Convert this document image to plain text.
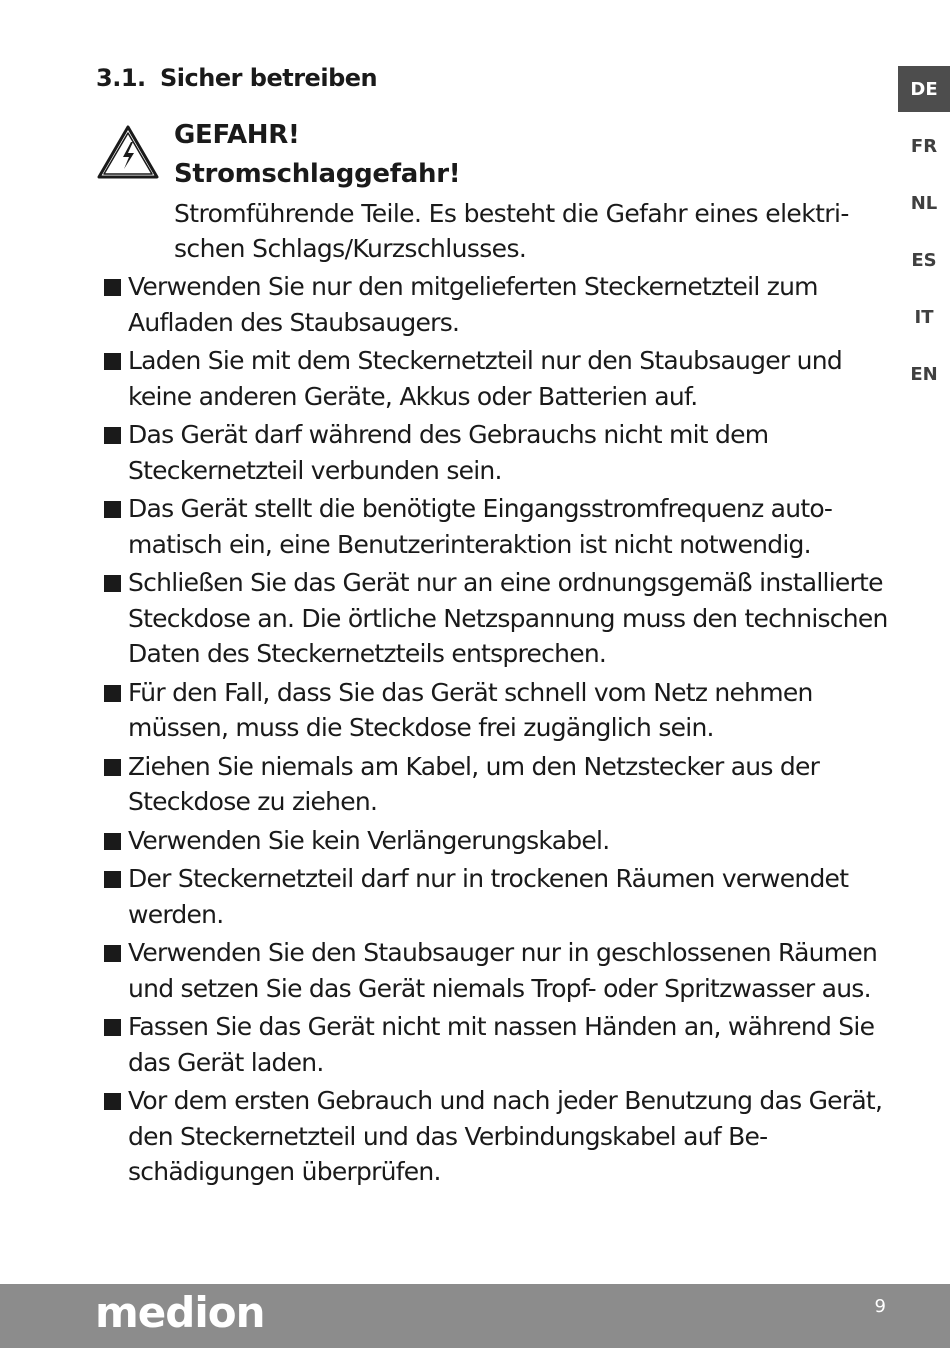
3.1. Sicher betreiben
GEFAHR!
Stromschlaggefahr!
Stromführende Teile. Es besteht die Gefahr eines elektrischen Schlags/Kurzschlusses.
Verwenden Sie nur den mitgelieferten Steckernetzteil zum Aufladen des Staubsaugers.
Laden Sie mit dem Steckernetzteil nur den Staubsauger und keine anderen Geräte, Akkus oder Batterien auf.
Das Gerät darf während des Gebrauchs nicht mit dem Steckernetzteil verbunden sein.
Das Gerät stellt die benötigte Eingangsstromfrequenz automatisch ein, eine Benutzerinteraktion ist nicht notwendig.
Schließen Sie das Gerät nur an eine ordnungsgemäß installierte Steckdose an. Die örtliche Netzspannung muss den technischen Daten des Steckernetzteils entsprechen.
Für den Fall, dass Sie das Gerät schnell vom Netz nehmen müssen, muss die Steckdose frei zugänglich sein.
Ziehen Sie niemals am Kabel, um den Netzstecker aus der Steckdose zu ziehen.
Verwenden Sie kein Verlängerungskabel.
Der Steckernetzteil darf nur in trockenen Räumen verwendet werden.
Verwenden Sie den Staubsauger nur in geschlossenen Räumen und setzen Sie das Gerät niemals Tropf- oder Spritzwasser aus.
Fassen Sie das Gerät nicht mit nassen Händen an, während Sie das Gerät laden.
Vor dem ersten Gebrauch und nach jeder Benutzung das Gerät, den Steckernetzteil und das Verbindungskabel auf Beschädigungen überprüfen.
DE
FR
NL
ES
IT
EN
medion	9
